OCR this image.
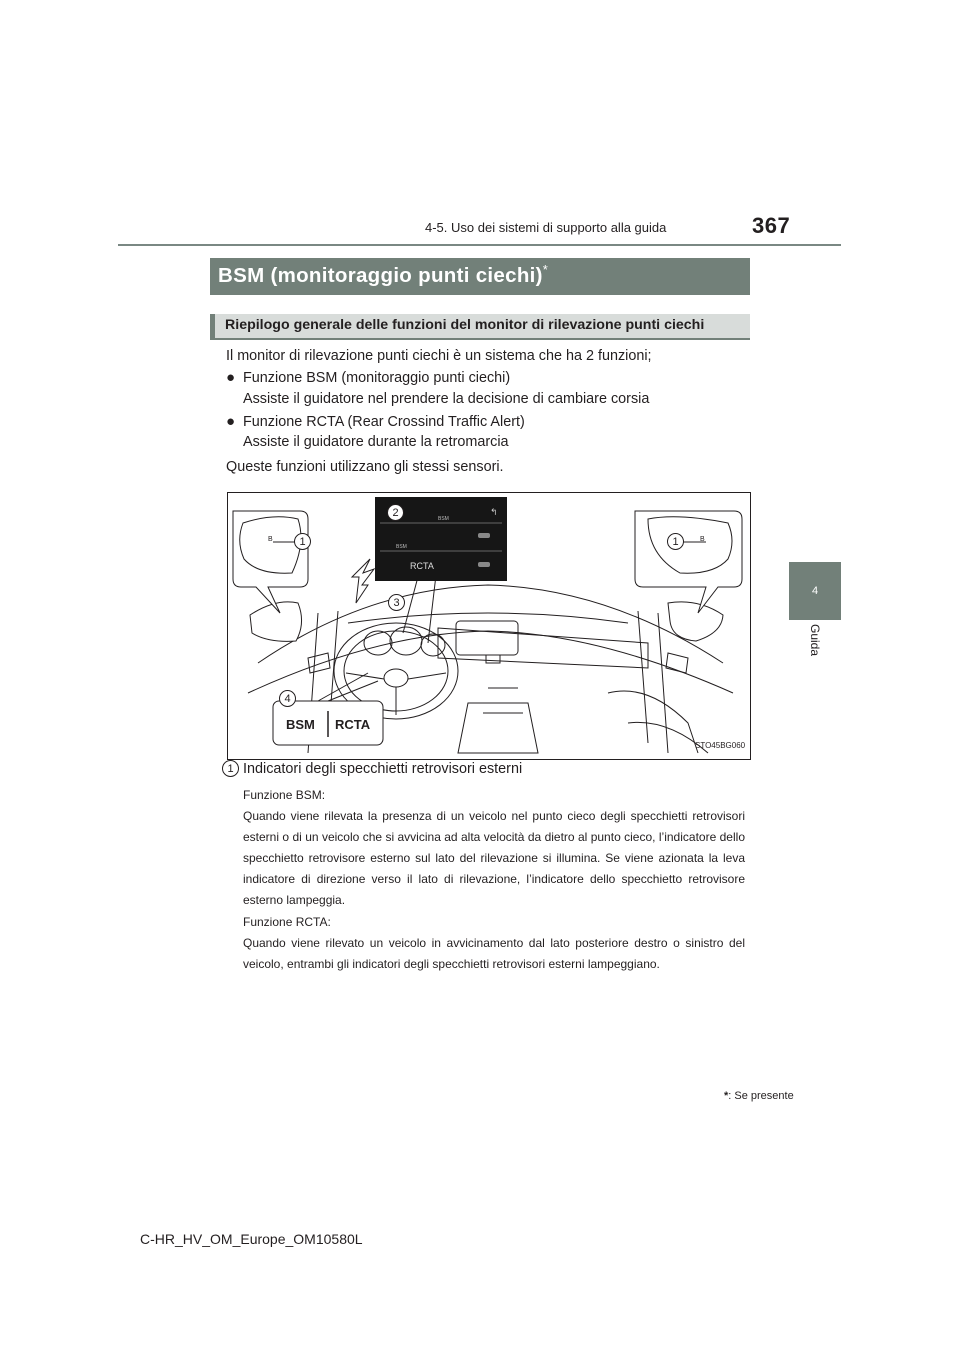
4-5. Uso dei sistemi di supporto alla guida	367
4
Guida
BSM (monitoraggio punti ciechi)*
Riepilogo generale delle funzioni del monitor di rilevazione punti ciechi
Il monitor di rilevazione punti ciechi è un sistema che ha 2 funzioni;
● Funzione BSM (monitoraggio punti ciechi)
Assiste il guidatore nel prendere la decisione di cambiare corsia
● Funzione RCTA (Rear Crossind Traffic Alert)
Assiste il guidatore durante la retromarcia
Queste funzioni utilizzano gli stessi sensori.
↰
BSM
BSM
RCTA
BSM RCTA
B	B
1
2
3
4
1
STO45BG060
1 Indicatori degli specchietti retrovisori esterni
Funzione BSM:
Quando viene rilevata la presenza di un veicolo nel punto cieco degli specchietti retrovisori esterni o di un veicolo che si avvicina ad alta velocità da dietro al punto cieco, l’indicatore dello specchietto retrovisore esterno sul lato del rilevazione si illumina. Se viene azionata la leva indicatore di direzione verso il lato di rilevazione, l’indicatore dello specchietto retrovisore esterno lampeggia.
Funzione RCTA:
Quando viene rilevato un veicolo in avvicinamento dal lato posteriore destro o sinistro del veicolo, entrambi gli indicatori degli specchietti retrovisori esterni lampeggiano.
*: Se presente
C-HR_HV_OM_Europe_OM10580L
